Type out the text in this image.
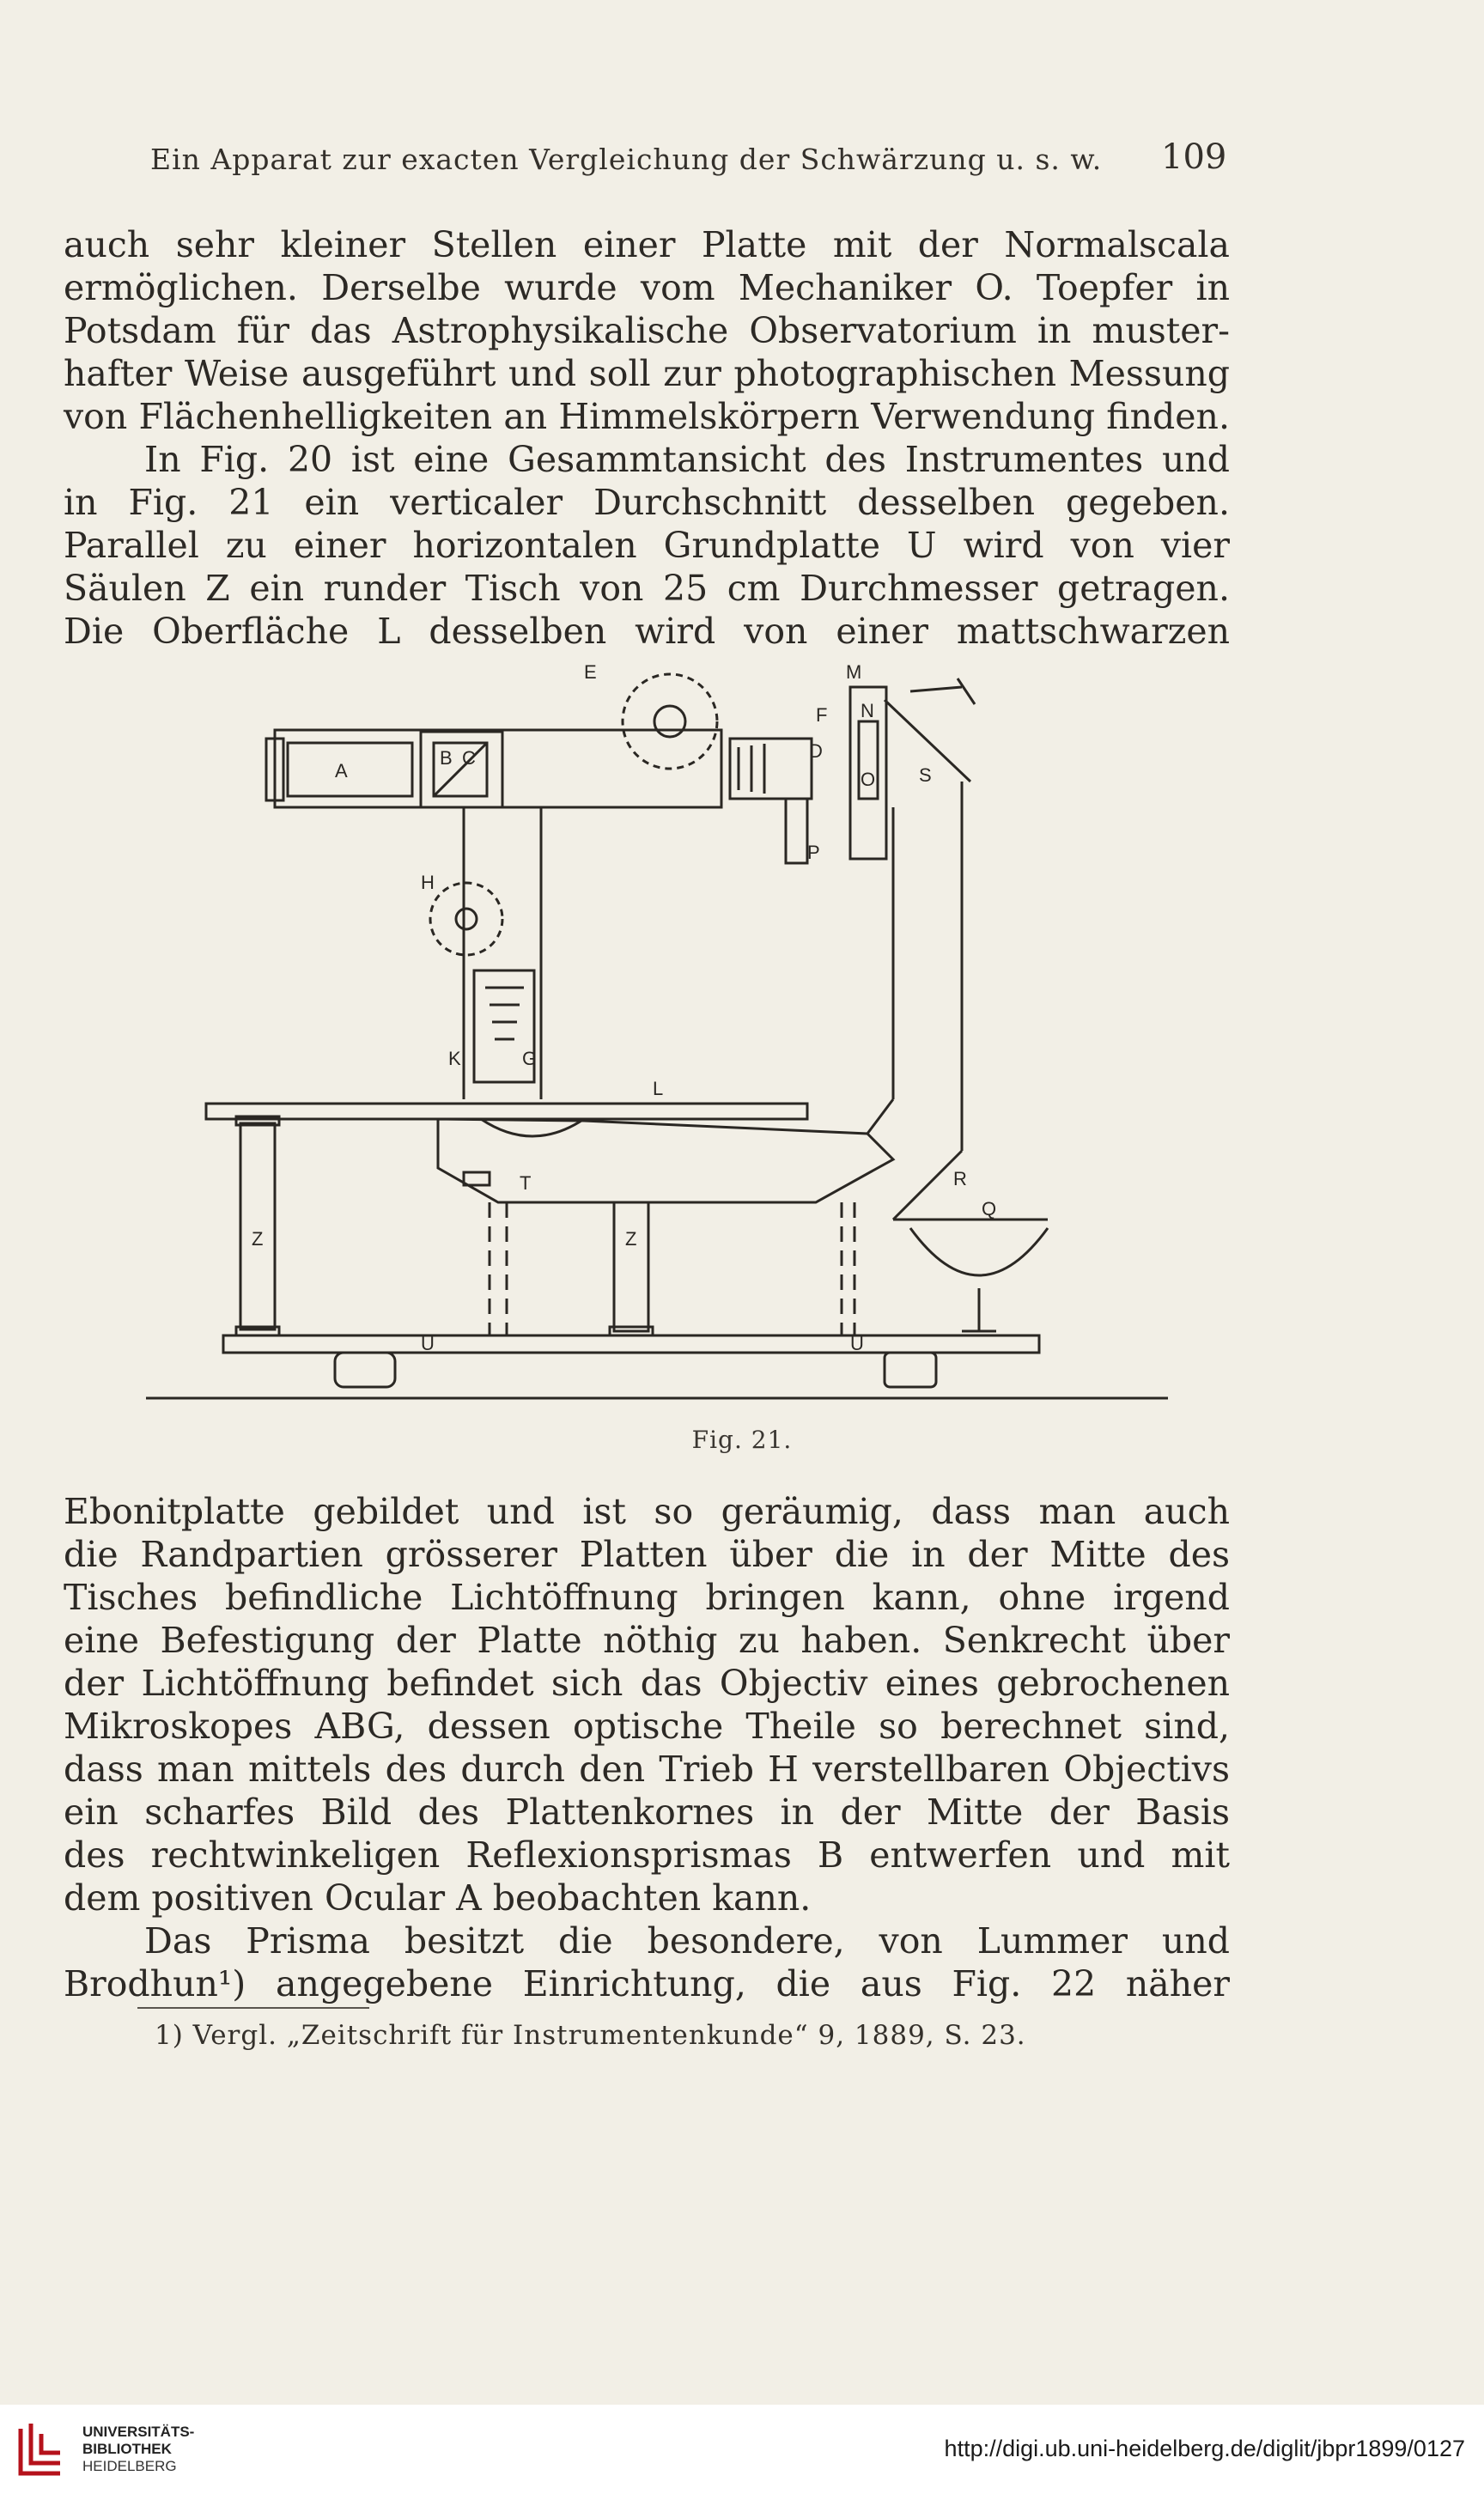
Ein Apparat zur exacten Vergleichung der Schwärzung u. s. w. 109

auch sehr kleiner Stellen einer Platte mit der Normalscala

ermöglichen. Derselbe wurde vom Mechaniker O. Toepfer in

Potsdam für das Astrophysikalische Observatorium in muster-

hafter Weise ausgeführt und soll zur photographischen Messung

von Flächenhelligkeiten an Himmelskörpern Verwendung finden.

In Fig. 20 ist eine Gesammtansicht des Instrumentes und

in Fig. 21 ein verticaler Durchschnitt desselben gegeben.

Parallel zu einer horizontalen Grundplatte U wird von vier

Säulen Z ein runder Tisch von 25 cm Durchmesser getragen.

Die Oberfläche L desselben wird von einer mattschwarzen

E	M
F
D
N
O
P
S
A
B C
H
K	G
L
T	R
Q
Z	Z
U	U
Fig. 21.

Ebonitplatte gebildet und ist so geräumig, dass man auch

die Randpartien grösserer Platten über die in der Mitte des

Tisches befindliche Lichtöffnung bringen kann, ohne irgend

eine Befestigung der Platte nöthig zu haben. Senkrecht über

der Lichtöffnung befindet sich das Objectiv eines gebrochenen

Mikroskopes ABG, dessen optische Theile so berechnet sind,

dass man mittels des durch den Trieb H verstellbaren Objectivs

ein scharfes Bild des Plattenkornes in der Mitte der Basis

des rechtwinkeligen Reflexionsprismas B entwerfen und mit

dem positiven Ocular A beobachten kann.

Das Prisma besitzt die besondere, von Lummer und

Brodhun¹) angegebene Einrichtung, die aus Fig. 22 näher

1) Vergl. „Zeitschrift für Instrumentenkunde“ 9, 1889, S. 23.
UNIVERSITÄTS-
BIBLIOTHEK
HEIDELBERG
http://digi.ub.uni-heidelberg.de/diglit/jbpr1899/0127
